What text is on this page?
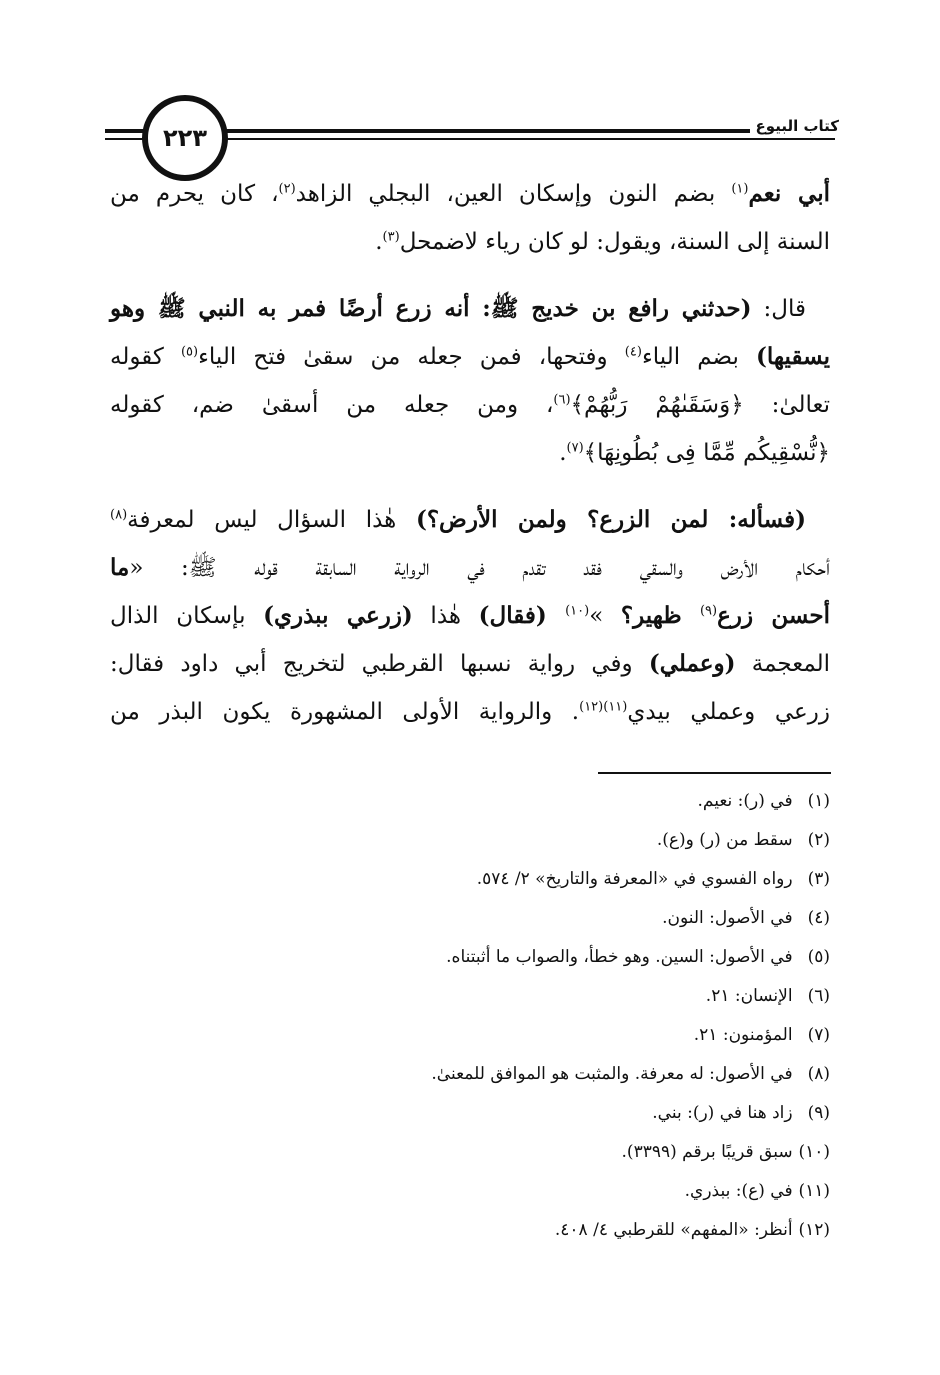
٢٢٣	كتاب البيوع
أبي نعم$^{(١)}$ بضم النون وإسكان العين، البجلي الزاهد$^{(٢)}$، كان يحرم من
السنة إلى السنة، ويقول: لو كان رياء لاضمحل$^{(٣)}$.
قال: (حدثني رافع بن خديج ﷺ: أنه زرع أرضًا فمر به النبي ﷺ وهو
يسقيها) بضم الياء$^{(٤)}$ وفتحها، فمن جعله من سقىٰ فتح الياء$^{(٥)}$ كقوله
تعالىٰ: ﴿وَسَقَىٰهُمْ رَبُّهُمْ﴾$^{(٦)}$، ومن جعله من أسقىٰ ضم، كقوله
﴿نُّسْقِيكُم مِّمَّا فِى بُطُونِهَا﴾$^{(٧)}$.
(فسأله: لمن الزرع؟ ولمن الأرض؟) هٰذا السؤال ليس لمعرفة$^{(٨)}$
أحكام الأرض والسقي فقد تقدم في الرواية السابقة قوله ﷺ: «ما
أحسن زرع$^{(٩)}$ ظهير؟ »$^{(١٠)}$ (فقال) هٰذا (زرعي ببذري) بإسكان الذال
المعجمة (وعملي) وفي رواية نسبها القرطبي لتخريج أبي داود فقال:
زرعي وعملي بيدي$^{(١١)(١٢)}$. والرواية الأولى المشهورة يكون البذر من
(١) في (ر): نعيم.
(٢) سقط من (ر) و(ع).
(٣) رواه الفسوي في «المعرفة والتاريخ» ٢/ ٥٧٤.
(٤) في الأصول: النون.
(٥) في الأصول: السين. وهو خطأ، والصواب ما أثبتناه.
(٦) الإنسان: ٢١.
(٧) المؤمنون: ٢١.
(٨) في الأصول: له معرفة. والمثبت هو الموافق للمعنىٰ.
(٩) زاد هنا في (ر): بني.
(١٠) سبق قريبًا برقم (٣٣٩٩).
(١١) في (ع): ببذري.
(١٢) أنظر: «المفهم» للقرطبي ٤/ ٤٠٨.
